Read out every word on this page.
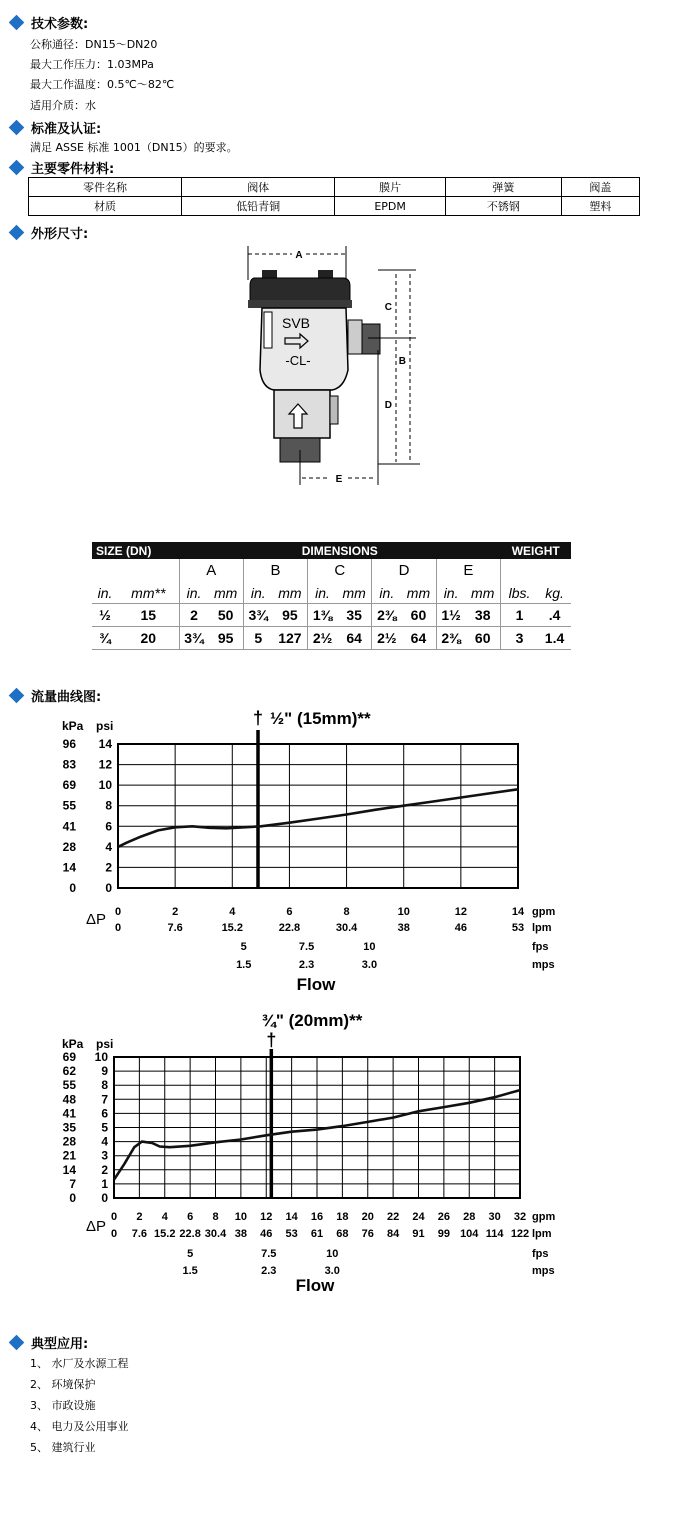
技术参数:
公称通径：DN15～DN20
最大工作压力：1.03MPa
最大工作温度：0.5℃～82℃
适用介质：水
标准及认证:
满足 ASSE 标准 1001（DN15）的要求。
主要零件材料:
零件名称	阀体	膜片	弹簧	阀盖
材质	低铅青铜	EPDM	不锈钢	塑料
外形尺寸:
A
SVB
-CL-
C
B
D
E
SIZE (DN)		DIMENSIONS										WEIGHT	
		A		B		C		D		E			
in.	mm**	in.	mm	in.	mm	in.	mm	in.	mm	in.	mm	lbs.	kg.
½	15	2	50	3¾	95	1⅜	35	2⅜	60	1½	38	1	.4
¾	20	3¾	95	5	127	2½	64	2½	64	2⅜	60	3	1.4
流量曲线图:
14
12
10
8
6
4
2
0
96
83
69
55
41
28
14
0
kPa psi
0	2	4	6	8	10	12	14
0	7.6	15.2	22.8	30.4	38	46	53
5	7.5	10
1.5	2.3	3.0
gpm
lpm
fps
mps
ΔP
Flow
† ½" (15mm)**
10
9
8
7
6
5
4
3
2
1
0
69
62
55
48
41
35
28
21
14
7
0
kPa psi
0 2 4 6 8 10 12 14 16 18 20 22 24 26 28 30 32
0 7.6 15.2 22.8 30.4 38 46 53 61 68 76 84 91 99 104 114 122
5	7.5	10
1.5	2.3	3.0
gpm
lpm
fps
mps
ΔP
Flow
¾" (20mm)**
†
典型应用:
1、 水厂及水源工程
2、 环境保护
3、 市政设施
4、 电力及公用事业
5、 建筑行业
